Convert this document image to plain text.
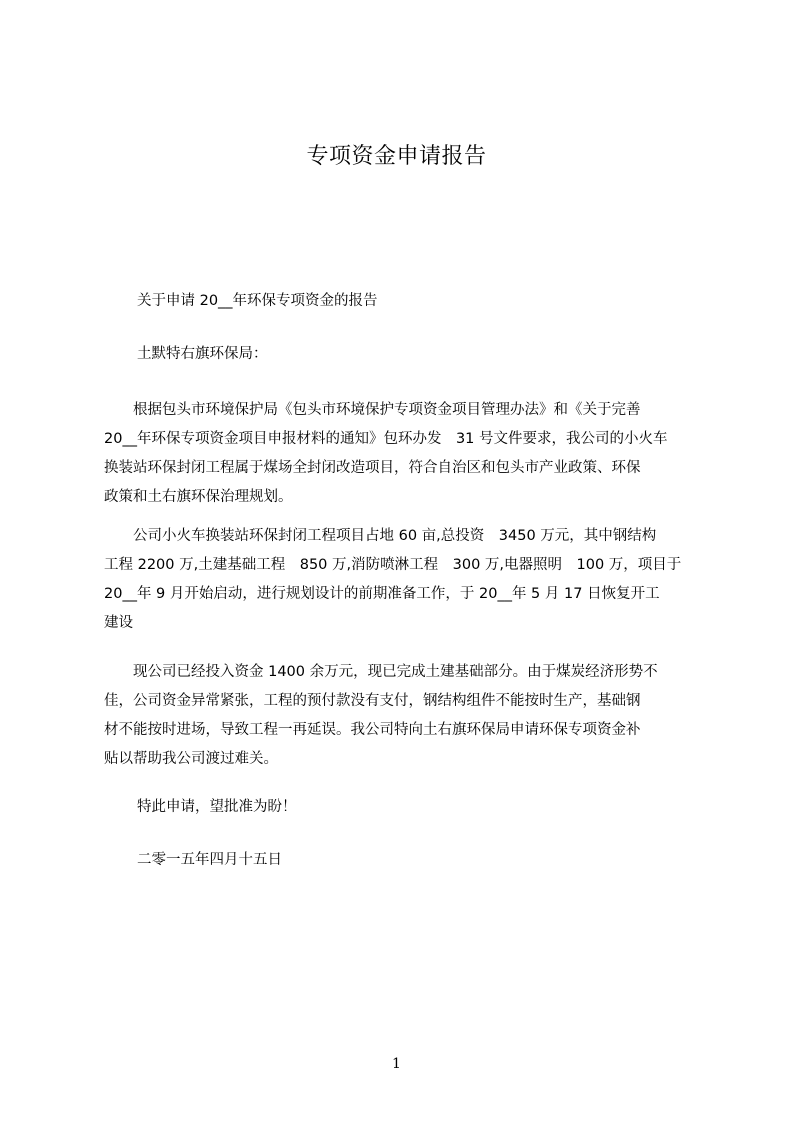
专项资金申请报告
关于申请 20__年环保专项资金的报告
土默特右旗环保局：
　　根据包头市环境保护局《包头市环境保护专项资金项目管理办法》和《关于完善
20__年环保专项资金项目申报材料的通知》包环办发　31 号文件要求，我公司的小火车
换装站环保封闭工程属于煤场全封闭改造项目，符合自治区和包头市产业政策、环保
政策和土右旗环保治理规划。
　　公司小火车换装站环保封闭工程项目占地 60 亩,总投资　3450 万元，其中钢结构
工程 2200 万,土建基础工程　850 万,消防喷淋工程　300 万,电器照明　100 万，项目于
20__年 9 月开始启动，进行规划设计的前期准备工作，于 20__年 5 月 17 日恢复开工
建设
　　现公司已经投入资金 1400 余万元，现已完成土建基础部分。由于煤炭经济形势不
佳，公司资金异常紧张，工程的预付款没有支付，钢结构组件不能按时生产，基础钢
材不能按时进场，导致工程一再延误。我公司特向土右旗环保局申请环保专项资金补
贴以帮助我公司渡过难关。
特此申请，望批准为盼！
二零一五年四月十五日
1
